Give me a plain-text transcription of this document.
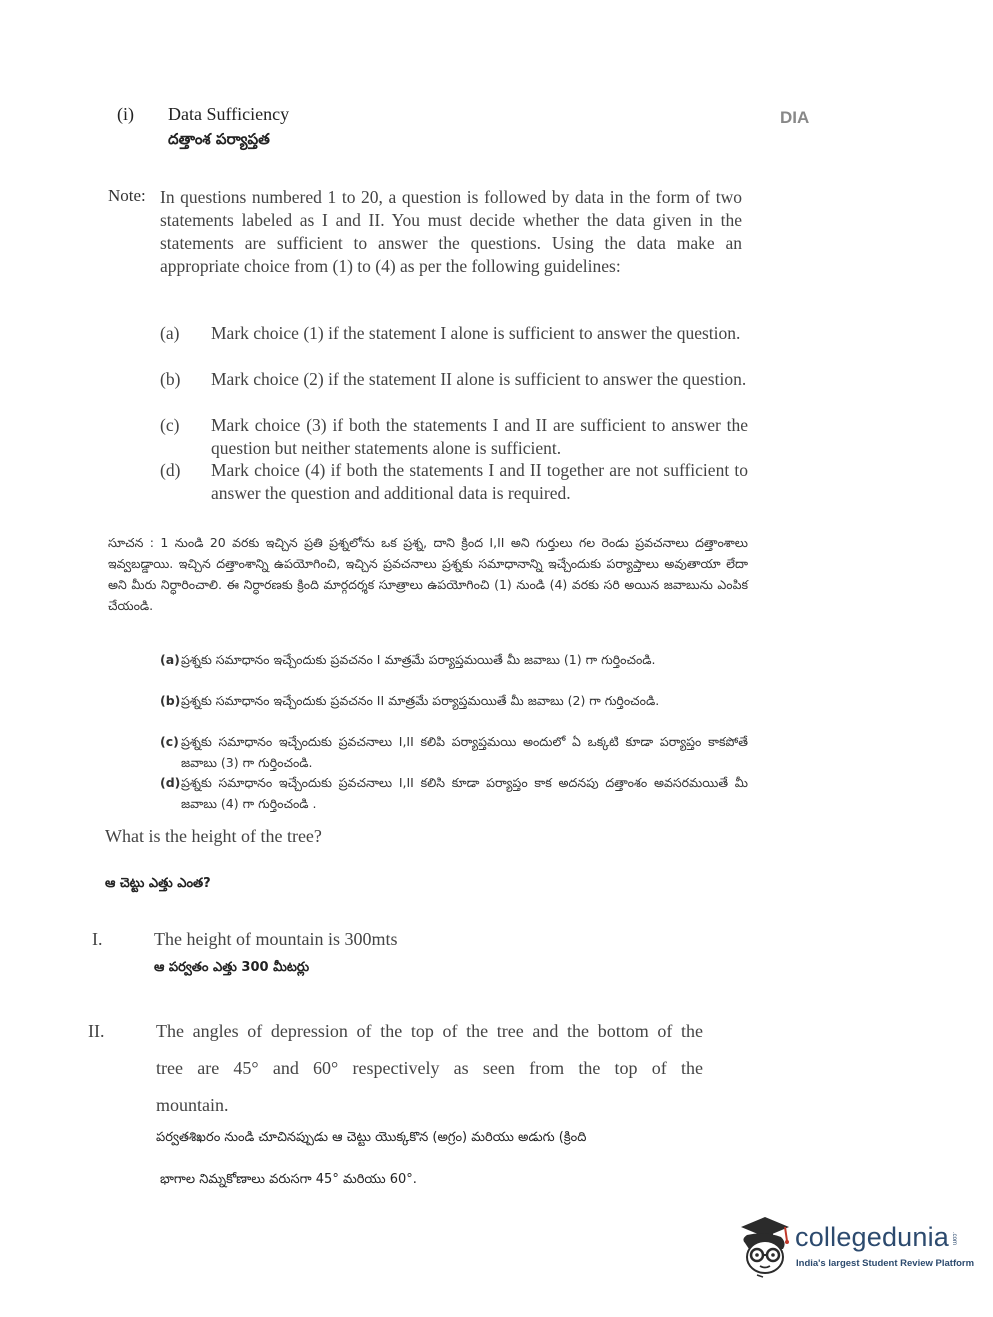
(i) Data Sufficiency
దత్తాంశ పర్యాప్తత
DIA
Note: In questions numbered 1 to 20, a question is followed by data in the form of two statements labeled as I and II. You must decide whether the data given in the statements are sufficient to answer the questions. Using the data make an appropriate choice from (1) to (4) as per the following guidelines:
(a) Mark choice (1) if the statement I alone is sufficient to answer the question.
(b) Mark choice (2) if the statement II alone is sufficient to answer the question.
(c) Mark choice (3) if both the statements I and II are sufficient to answer the question but neither statements alone is sufficient.
(d) Mark choice (4) if both the statements I and II together are not sufficient to answer the question and additional data is required.
సూచన : 1 నుండి 20 వరకు ఇచ్చిన ప్రతి ప్రశ్నలోను ఒక ప్రశ్న, దాని క్రింద I,II అని గుర్తులు గల రెండు ప్రవచనాలు దత్తాంశాలు ఇవ్వబడ్డాయి. ఇచ్చిన దత్తాంశాన్ని ఉపయోగించి, ఇచ్చిన ప్రవచనాలు ప్రశ్నకు సమాధానాన్ని ఇచ్చేందుకు పర్యాప్తాలు అవుతాయా లేదా అని మీరు నిర్ధారించాలి. ఈ నిర్ధారణకు క్రింది మార్గదర్శక సూత్రాలు ఉపయోగించి (1) నుండి (4) వరకు సరి అయిన జవాబును ఎంపిక చేయండి.
(a) ప్రశ్నకు సమాధానం ఇచ్చేందుకు ప్రవచనం I మాత్రమే పర్యాప్తమయితే మీ జవాబు (1) గా గుర్తించండి.
(b) ప్రశ్నకు సమాధానం ఇచ్చేందుకు ప్రవచనం II మాత్రమే పర్యాప్తమయితే మీ జవాబు (2) గా గుర్తించండి.
(c) ప్రశ్నకు సమాధానం ఇచ్చేందుకు ప్రవచనాలు I,II కలిపి పర్యాప్తమయి అందులో ఏ ఒక్కటి కూడా పర్యాప్తం కాకపోతే జవాబు (3) గా గుర్తించండి.
(d) ప్రశ్నకు సమాధానం ఇచ్చేందుకు ప్రవచనాలు I,II కలిసి కూడా పర్యాప్తం కాక అదనపు దత్తాంశం అవసరమయితే మీ జవాబు (4) గా గుర్తించండి .
What is the height of the tree?
ఆ చెట్టు ఎత్తు ఎంత?
I.	The height of mountain is 300mts
ఆ పర్వతం ఎత్తు 300 మీటర్లు
II.	The angles of depression of the top of the tree and the bottom of the
tree are 45° and 60° respectively as seen from the top of the
mountain.
పర్వతశిఖరం నుండి చూచినప్పుడు ఆ చెట్టు యొక్కకొన (అగ్రం) మరియు అడుగు (క్రింది
భాగాల నిమ్నకోణాలు వరుసగా 45° మరియు 60°.
collegedunia .com
India's largest Student Review Platform
